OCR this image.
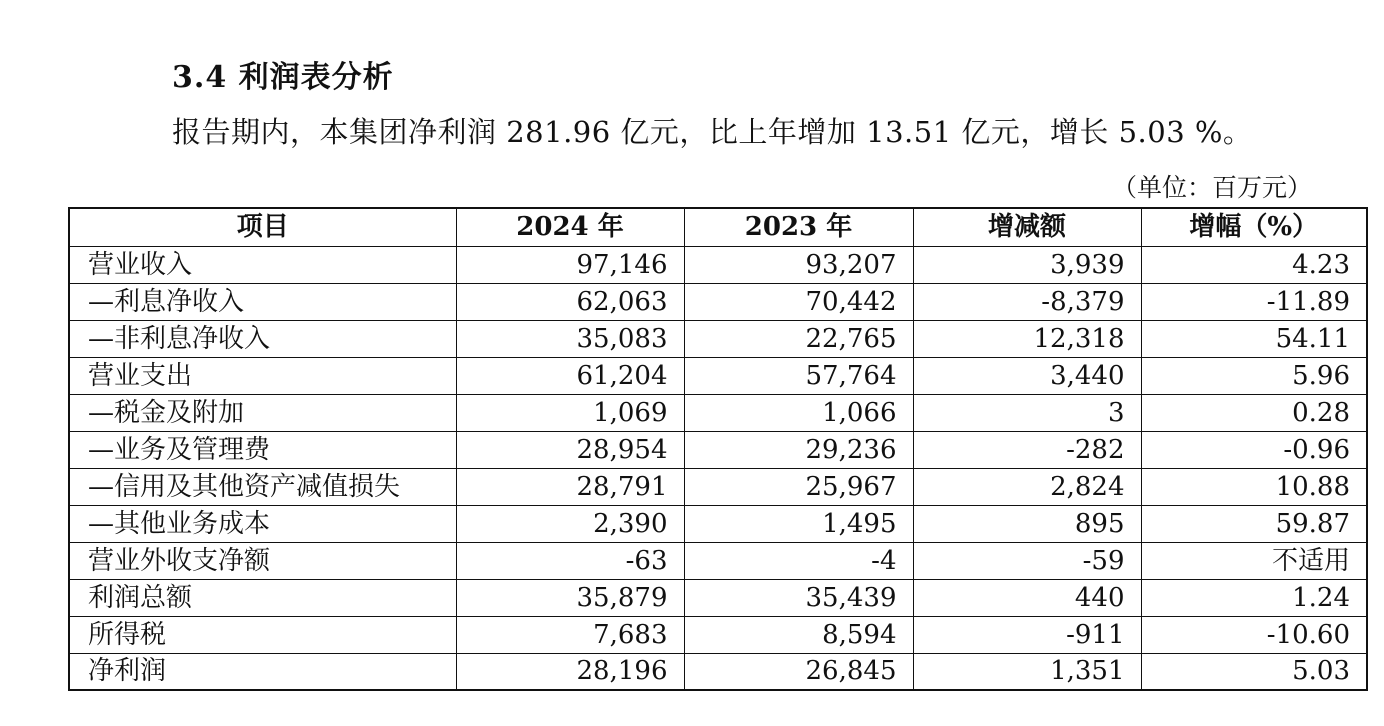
3.4 利润表分析
报告期内，本集团净利润 281.96 亿元，比上年增加 13.51 亿元，增长 5.03 %。
（单位：百万元）
项目	2024 年	2023 年	增减额	增幅（%）
营业收入	97,146	93,207	3,939	4.23
—利息净收入	62,063	70,442	-8,379	-11.89
—非利息净收入	35,083	22,765	12,318	54.11
营业支出	61,204	57,764	3,440	5.96
—税金及附加	1,069	1,066	3	0.28
—业务及管理费	28,954	29,236	-282	-0.96
—信用及其他资产减值损失	28,791	25,967	2,824	10.88
—其他业务成本	2,390	1,495	895	59.87
营业外收支净额	-63	-4	-59	不适用
利润总额	35,879	35,439	440	1.24
所得税	7,683	8,594	-911	-10.60
净利润	28,196	26,845	1,351	5.03
